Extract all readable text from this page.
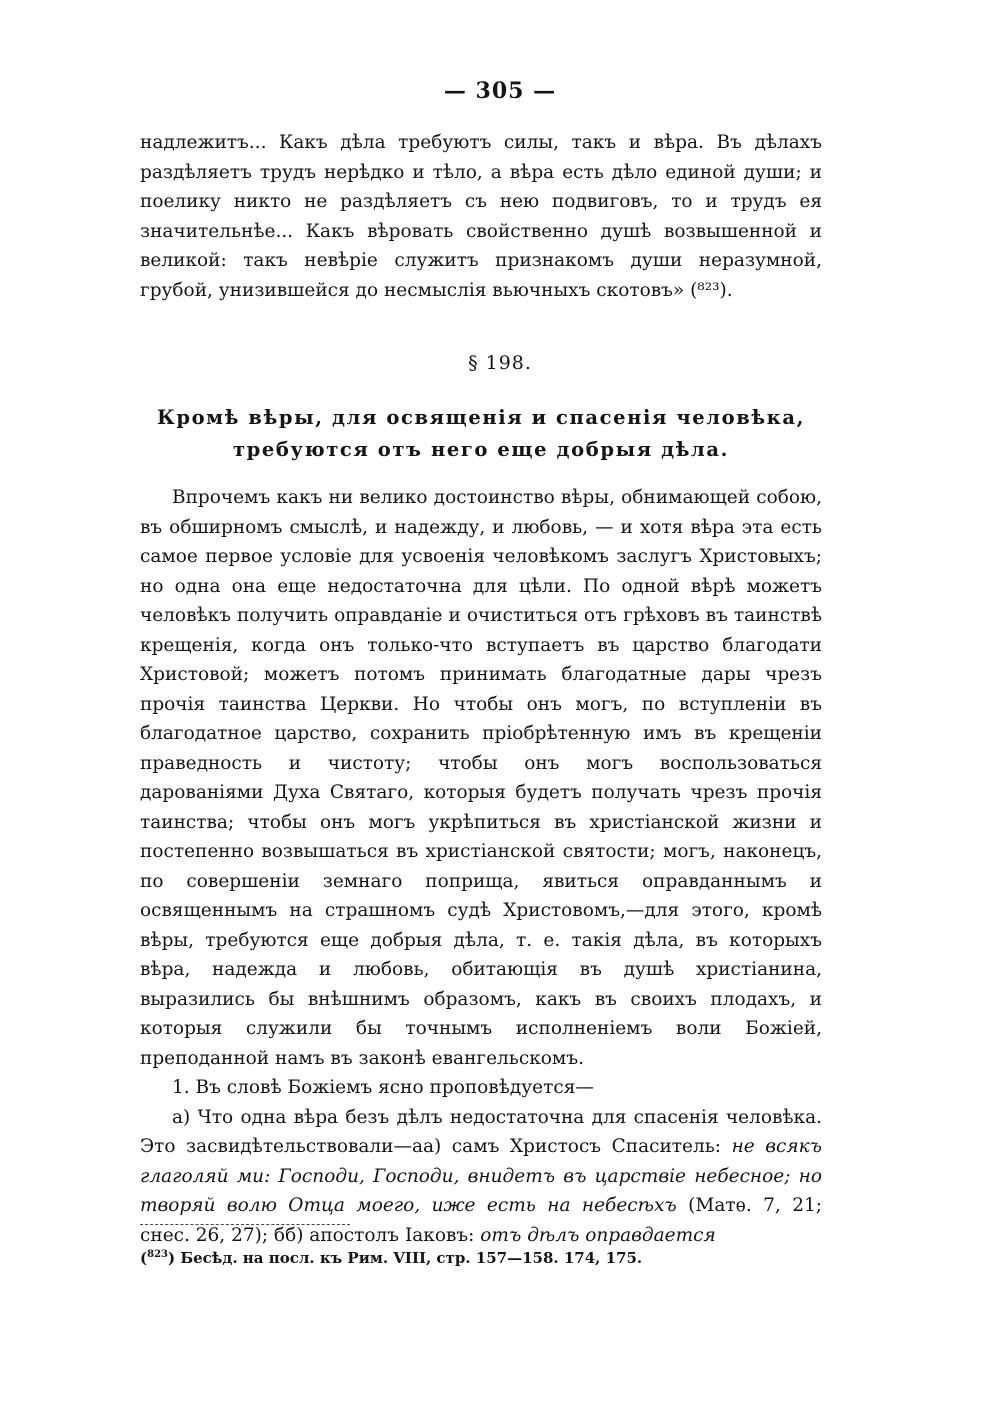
— 305 —

надлежитъ... Какъ дѣла требуютъ силы, такъ и вѣра. Въ дѣлахъ раздѣляетъ трудъ нерѣдко и тѣло, а вѣра есть дѣло единой души; и поелику никто не раздѣляетъ съ нею подвиговъ, то и трудъ ея значительнѣе... Какъ вѣровать свойственно душѣ возвышенной и великой: такъ невѣріе служитъ признакомъ души неразумной, грубой, унизившейся до несмыслія вьючныхъ скотовъ» (⁸²³).

§ 198.
Кромѣ вѣры, для освященія и спасенія человѣка,
требуются отъ него еще добрыя дѣла.

Впрочемъ какъ ни велико достоинство вѣры, обнимающей собою, въ обширномъ смыслѣ, и надежду, и любовь, — и хотя вѣра эта есть самое первое условіе для усвоенія человѣкомъ заслугъ Христовыхъ; но одна она еще недостаточна для цѣли. По одной вѣрѣ можетъ человѣкъ получить оправданіе и очиститься отъ грѣховъ въ таинствѣ крещенія, когда онъ только-что вступаетъ въ царство благодати Христовой; можетъ потомъ принимать благодатные дары чрезъ прочія таинства Церкви. Но чтобы онъ могъ, по вступленіи въ благодатное царство, сохранить пріобрѣтенную имъ въ крещеніи праведность и чистоту; чтобы онъ могъ воспользоваться дарованіями Духа Святаго, которыя будетъ получать чрезъ прочія таинства; чтобы онъ могъ укрѣпиться въ христіанской жизни и постепенно возвышаться въ христіанской святости; могъ, наконецъ, по совершеніи земнаго поприща, явиться оправданнымъ и освященнымъ на страшномъ судѣ Христовомъ,—для этого, кромѣ вѣры, требуются еще добрыя дѣла, т. е. такія дѣла, въ которыхъ вѣра, надежда и любовь, обитающія въ душѣ христіанина, выразились бы внѣшнимъ образомъ, какъ въ своихъ плодахъ, и которыя служили бы точнымъ исполненіемъ воли Божіей, преподанной намъ въ законѣ евангельскомъ.

1. Въ словѣ Божіемъ ясно проповѣдуется—

а) Что одна вѣра безъ дѣлъ недостаточна для спасенія человѣка. Это засвидѣтельствовали—аа) самъ Христосъ Спаситель: не всякъ глаголяй ми: Господи, Господи, внидетъ въ царствіе небесное; но творяй волю Отца моего, иже есть на небесѣхъ (Матѳ. 7, 21; снес. 26, 27); бб) апостолъ Іаковъ: отъ дѣлъ оправдается

($^{823}$) Бесѣд. на посл. къ Рим. VIII, стр. 157—158. 174, 175.
